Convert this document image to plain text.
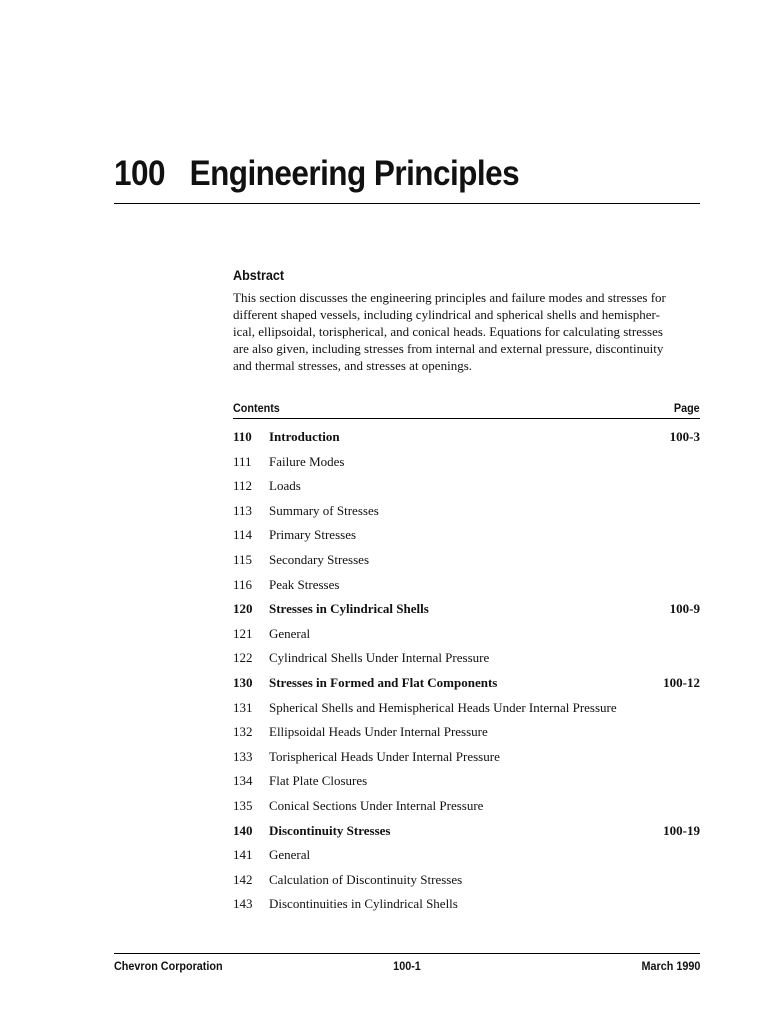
100 Engineering Principles
Abstract

This section discusses the engineering principles and failure modes and stresses for
different shaped vessels, including cylindrical and spherical shells and hemispher-
ical, ellipsoidal, torispherical, and conical heads. Equations for calculating stresses
are also given, including stresses from internal and external pressure, discontinuity
and thermal stresses, and stresses at openings.

Contents	Page
110	Introduction	100-3
111	Failure Modes
112	Loads
113	Summary of Stresses
114	Primary Stresses
115	Secondary Stresses
116	Peak Stresses
120	Stresses in Cylindrical Shells	100-9
121	General
122	Cylindrical Shells Under Internal Pressure
130	Stresses in Formed and Flat Components	100-12
131	Spherical Shells and Hemispherical Heads Under Internal Pressure
132	Ellipsoidal Heads Under Internal Pressure
133	Torispherical Heads Under Internal Pressure
134	Flat Plate Closures
135	Conical Sections Under Internal Pressure
140	Discontinuity Stresses	100-19
141	General
142	Calculation of Discontinuity Stresses
143	Discontinuities in Cylindrical Shells
Chevron Corporation	100-1	March 1990
